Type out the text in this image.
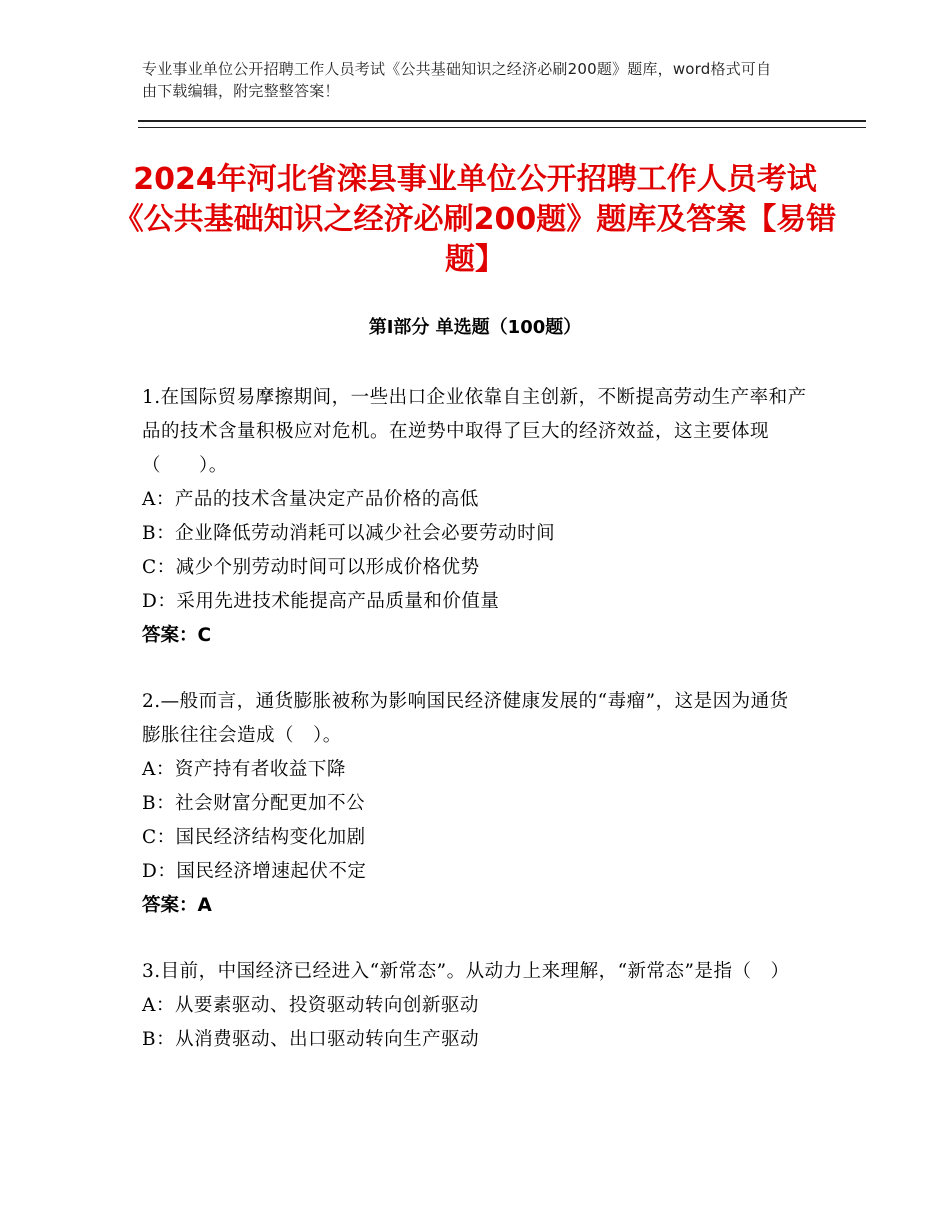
专业事业单位公开招聘工作人员考试《公共基础知识之经济必刷200题》题库，word格式可自由下载编辑，附完整整答案！
2024年河北省滦县事业单位公开招聘工作人员考试《公共基础知识之经济必刷200题》题库及答案【易错题】
第Ⅰ部分 单选题（100题）
1.在国际贸易摩擦期间，一些出口企业依靠自主创新，不断提高劳动生产率和产品的技术含量积极应对危机。在逆势中取得了巨大的经济效益，这主要体现（　　）。
A：产品的技术含量决定产品价格的高低
B：企业降低劳动消耗可以减少社会必要劳动时间
C：减少个别劳动时间可以形成价格优势
D：采用先进技术能提高产品质量和价值量
答案：C
2.—般而言，通货膨胀被称为影响国民经济健康发展的“毒瘤”，这是因为通货膨胀往往会造成（　）。
A：资产持有者收益下降
B：社会财富分配更加不公
C：国民经济结构变化加剧
D：国民经济增速起伏不定
答案：A
3.目前，中国经济已经进入“新常态”。从动力上来理解，“新常态”是指（　）
A：从要素驱动、投资驱动转向创新驱动
B：从消费驱动、出口驱动转向生产驱动
